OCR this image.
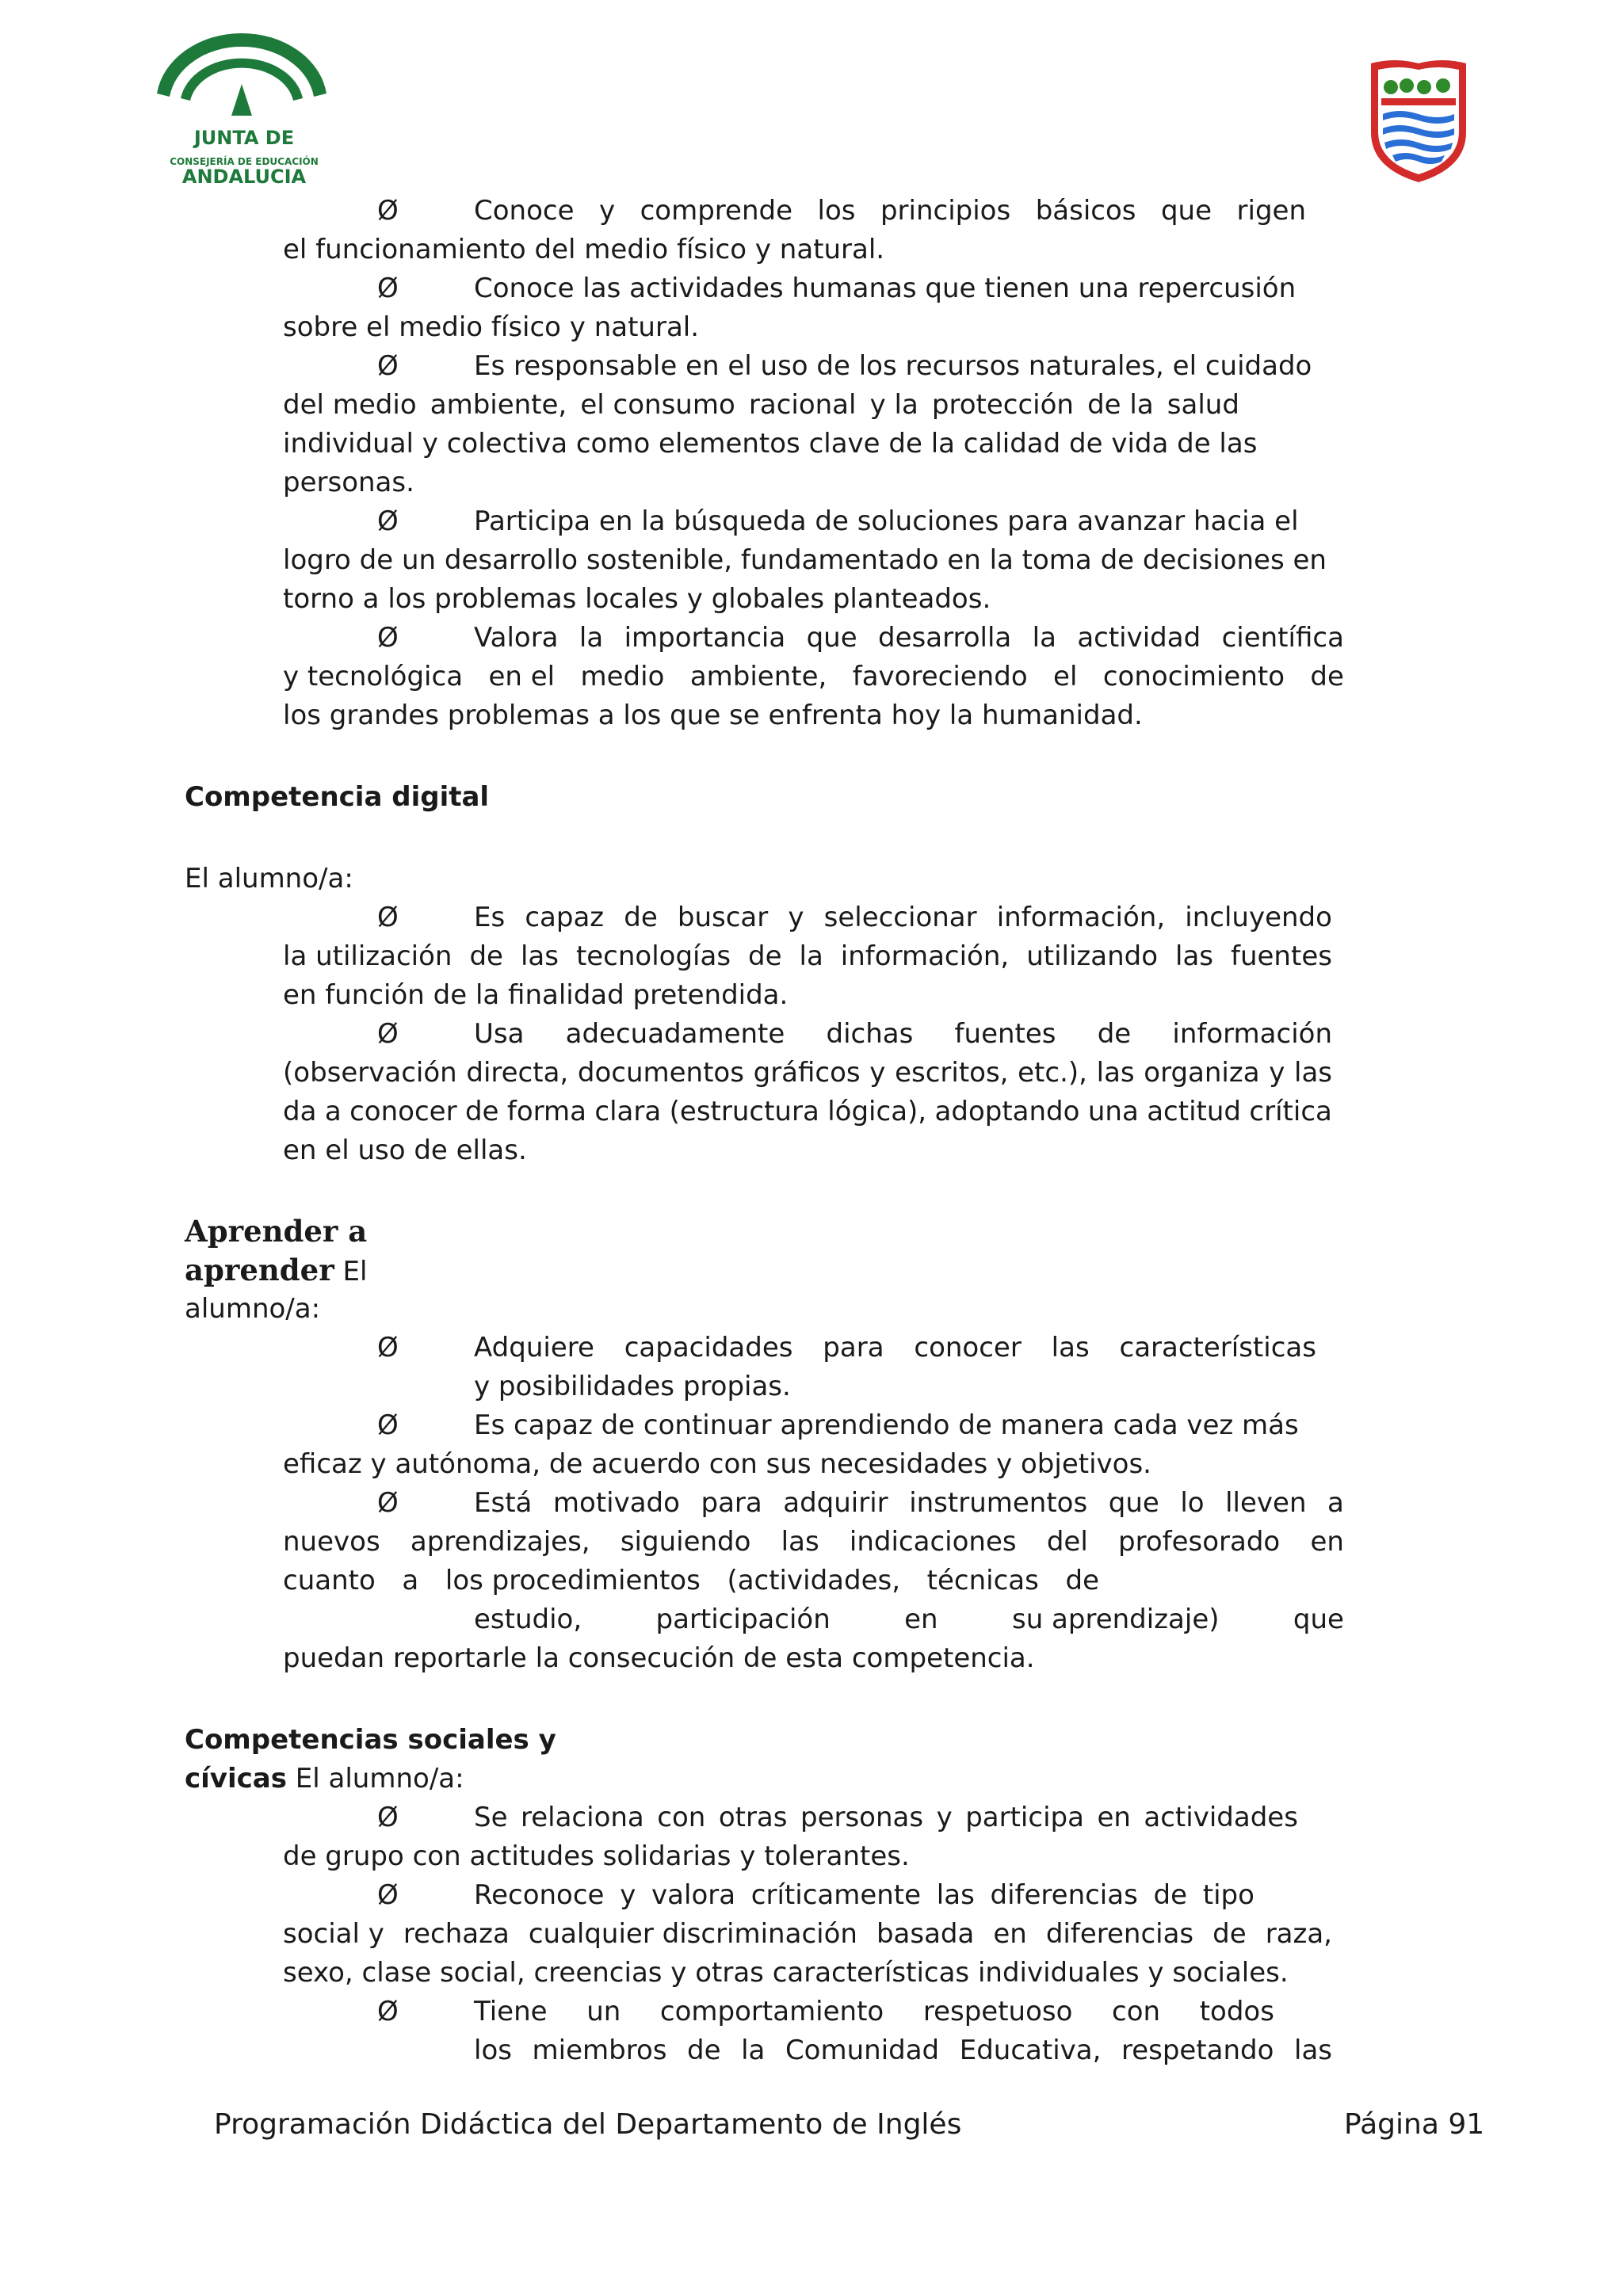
JUNTA DE ANDALUCIA
CONSEJERÍA DE EDUCACIÓN
Ø	Conoce y comprende los principios básicos que rigen
el funcionamiento del medio físico y natural.
Ø	Conoce las actividades humanas que tienen una repercusión
sobre el medio físico y natural.
Ø	Es responsable en el uso de los recursos naturales, el cuidado
del medio ambiente, el consumo racional y la protección de la salud
individual y colectiva como elementos clave de la calidad de vida de las
personas.
Ø	Participa en la búsqueda de soluciones para avanzar hacia el
logro de un desarrollo sostenible, fundamentado en la toma de decisiones en
torno a los problemas locales y globales planteados.
Ø	Valora la importancia que desarrolla la actividad científica
y tecnológica en el medio ambiente, favoreciendo el conocimiento de
los grandes problemas a los que se enfrenta hoy la humanidad.
Competencia digital
El alumno/a:
Ø	Es capaz de buscar y seleccionar información, incluyendo
la utilización de las tecnologías de la información, utilizando las fuentes
en función de la finalidad pretendida.
Ø	Usa adecuadamente dichas fuentes de información
(observación directa, documentos gráficos y escritos, etc.), las organiza y las
da a conocer de forma clara (estructura lógica), adoptando una actitud crítica
en el uso de ellas.
Aprender a
aprender El
alumno/a:
Ø	Adquiere capacidades para conocer las características
y posibilidades propias.
Ø	Es capaz de continuar aprendiendo de manera cada vez más
eficaz y autónoma, de acuerdo con sus necesidades y objetivos.
Ø	Está motivado para adquirir instrumentos que lo lleven a
nuevos aprendizajes, siguiendo las indicaciones del profesorado en
cuanto a los procedimientos (actividades, técnicas de
estudio,	participación	en	su aprendizaje)	que
puedan reportarle la consecución de esta competencia.
Competencias sociales y
cívicas El alumno/a:
Ø	Se relaciona con otras personas y participa en actividades
de grupo con actitudes solidarias y tolerantes.
Ø	Reconoce y valora críticamente las diferencias de tipo
social y rechaza cualquier discriminación basada en diferencias de raza,
sexo, clase social, creencias y otras características individuales y sociales.
Ø	Tiene un comportamiento respetuoso con todos
los miembros de la Comunidad Educativa, respetando las
Programación Didáctica del Departamento de Inglés	Página 91
